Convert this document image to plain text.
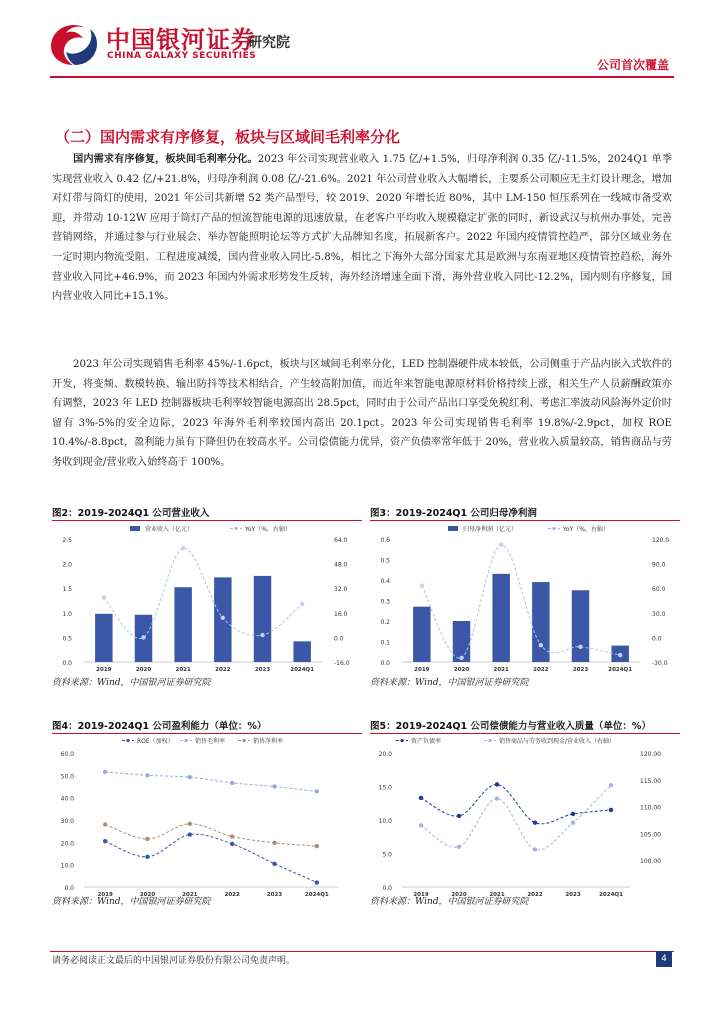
中国银河证券
研究院
CHINA GALAXY SECURITIES
公司首次覆盖
（二）国内需求有序修复，板块与区域间毛利率分化
国内需求有序修复，板块间毛利率分化。2023 年公司实现营业收入 1.75 亿/+1.5%，归母净利润 0.35 亿/-11.5%，2024Q1 单季实现营业收入 0.42 亿/+21.8%，归母净利润 0.08 亿/-21.6%。2021 年公司营业收入大幅增长，主要系公司顺应无主灯设计理念，增加对灯带与筒灯的使用，2021 年公司共新增 52 类产品型号，较 2019、2020 年增长近 80%，其中 LM-150 恒压系列在一线城市备受欢迎，并带动 10-12W 应用于筒灯产品的恒流智能电源的迅速放量，在老客户平均收入规模稳定扩张的同时，新设武汉与杭州办事处，完善营销网络，并通过参与行业展会、举办智能照明论坛等方式扩大品牌知名度，拓展新客户。2022 年国内疫情管控趋严，部分区域业务在一定时期内物流受阻、工程进度减缓，国内营业收入同比-5.8%，相比之下海外大部分国家尤其是欧洲与东南亚地区疫情管控趋松，海外营业收入同比+46.9%，而 2023 年国内外需求形势发生反转，海外经济增速全面下滑，海外营业收入同比-12.2%，国内则有序修复，国内营业收入同比+15.1%。
2023 年公司实现销售毛利率 45%/-1.6pct，板块与区域间毛利率分化，LED 控制器硬件成本较低，公司侧重于产品内嵌入式软件的开发，将变频、数模转换、输出防抖等技术相结合，产生较高附加值，而近年来智能电源原材料价格持续上涨，相关生产人员薪酬政策亦有调整，2023 年 LED 控制器板块毛利率较智能电源高出 28.5pct，同时由于公司产品出口享受免税红利、考虑汇率波动风险海外定价时留有 3%-5%的安全边际，2023 年海外毛利率较国内高出 20.1pct。2023 年公司实现销售毛利率 19.8%/-2.9pct，加权 ROE 10.4%/-8.8pct，盈利能力虽有下降但仍在较高水平。公司偿债能力优异，资产负债率常年低于 20%，营业收入质量较高，销售商品与劳务收到现金/营业收入始终高于 100%。
图2：2019-2024Q1 公司营业收入
营业收入（亿元）	YoY（%，右轴）
0.0
0.5
1.0
1.5
2.0
2.5
-16.0
0.0
16.0
32.0
48.0
64.0
2019	2020	2021	2022	2023	2024Q1
资料来源：Wind，中国银河证券研究院
图3：2019-2024Q1 公司归母净利润
归母净利润（亿元）	YoY（%，右轴）
0.0
0.1
0.2
0.3
0.4
0.5
0.6
-30.0
0.0
30.0
60.0
90.0
120.0
2019	2020	2021	2022	2023	2024Q1
资料来源：Wind，中国银河证券研究院
图4：2019-2024Q1 公司盈利能力（单位：%）
ROE（加权）	销售毛利率	销售净利率
0.0
10.0
20.0
30.0
40.0
50.0
60.0
2019	2020	2021	2022	2023	2024Q1
资料来源：Wind，中国银河证券研究院
图5：2019-2024Q1 公司偿债能力与营业收入质量（单位：%）
资产负债率	销售商品与劳务收到现金/营业收入（右轴）
0.0
5.0
10.0
15.0
20.0
100.00
105.00
110.00
115.00
120.00
2019	2020	2021	2022	2023	2024Q1
资料来源：Wind，中国银河证券研究院
请务必阅读正文最后的中国银河证券股份有限公司免责声明。	4
